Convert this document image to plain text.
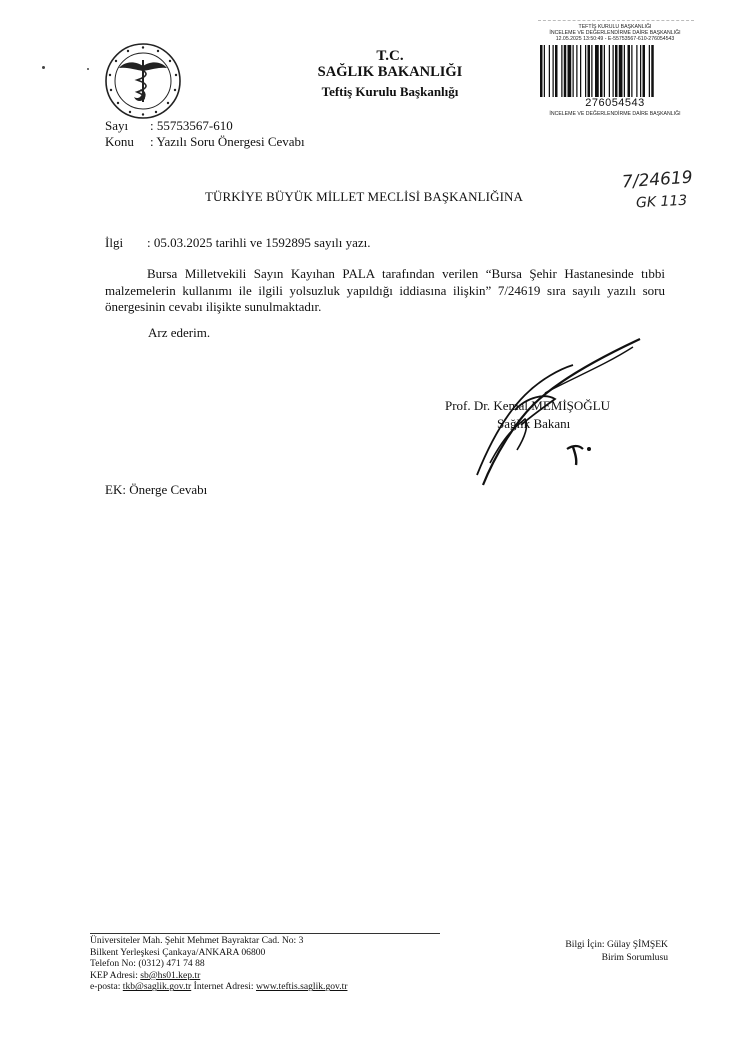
T.C.
SAĞLIK BAKANLIĞI
Teftiş Kurulu Başkanlığı
TEFTİŞ KURULU BAŞKANLIĞI
İNCELEME VE DEĞERLENDİRME DAİRE BAŞKANLIĞI
12.05.2025 13:50:49 - E-55753567-610-276054543
276054543
İNCELEME VE DEĞERLENDİRME DAİRE BAŞKANLIĞI
Sayı : 55753567-610
Konu : Yazılı Soru Önergesi Cevabı
TÜRKİYE BÜYÜK MİLLET MECLİSİ BAŞKANLIĞINA
7/24619
GK 113
İlgi : 05.03.2025 tarihli ve 1592895 sayılı yazı.
Bursa Milletvekili Sayın Kayıhan PALA tarafından verilen “Bursa Şehir Hastanesinde tıbbi malzemelerin kullanımı ile ilgili yolsuzluk yapıldığı iddiasına ilişkin” 7/24619 sıra sayılı yazılı soru önergesinin cevabı ilişikte sunulmaktadır.
Arz ederim.
Prof. Dr. Kemal MEMİŞOĞLU
Sağlık Bakanı
EK: Önerge Cevabı
Üniversiteler Mah. Şehit Mehmet Bayraktar Cad. No: 3
Bilkent Yerleşkesi Çankaya/ANKARA 06800
Telefon No: (0312) 471 74 88
KEP Adresi: sb@hs01.kep.tr
e-posta: tkb@saglik.gov.tr İnternet Adresi: www.teftis.saglik.gov.tr
Bilgi İçin: Gülay ŞİMŞEK
Birim Sorumlusu
